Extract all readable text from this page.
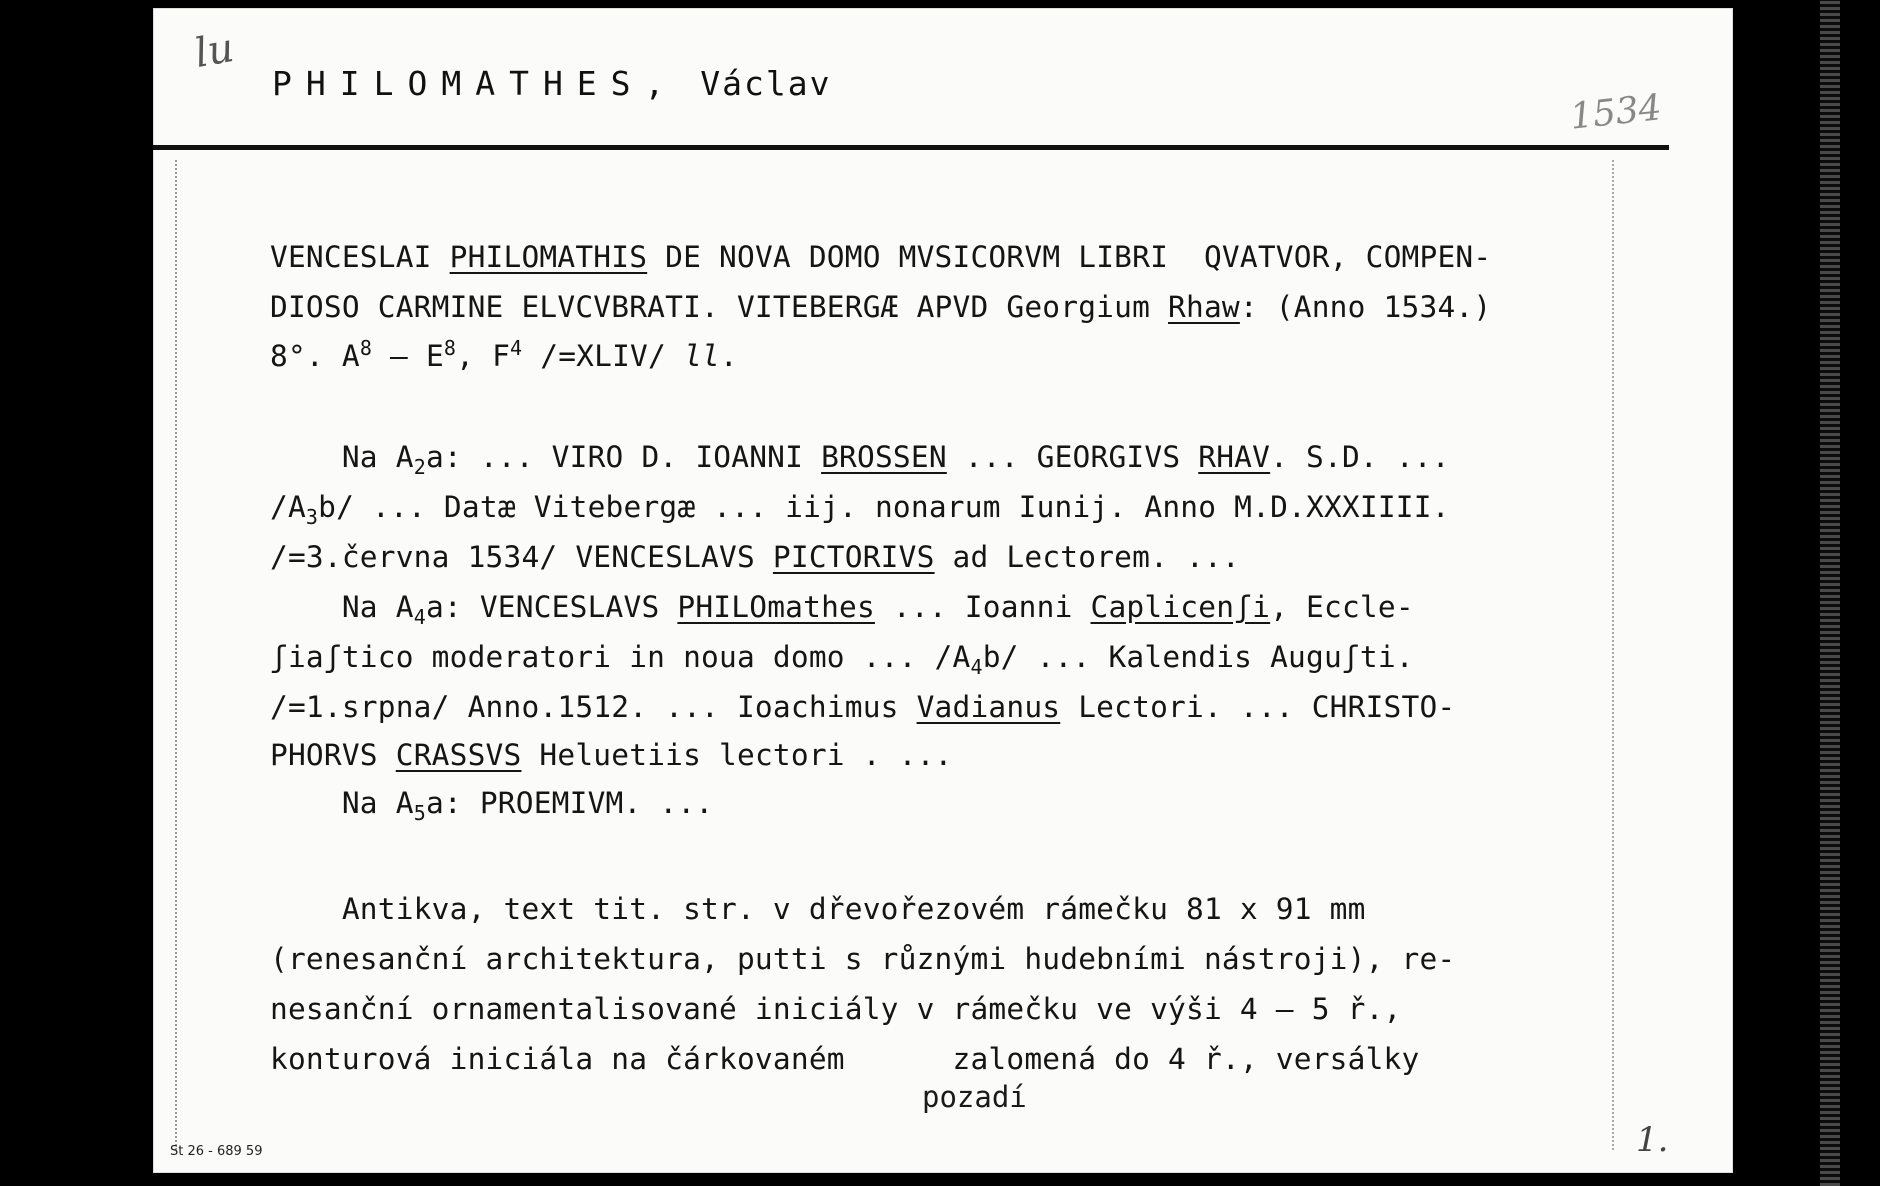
lu
1534
PHILOMATHES, Václav
VENCESLAI PHILOMATHIS DE NOVA DOMO MVSICORVM LIBRI  QVATVOR, COMPEN-
DIOSO CARMINE ELVCVBRATI. VITEBERGÆ APVD Georgium Rhaw: (Anno 1534.)
8°. $A^8 - E^8$, $F^4$ /=XLIV/ ll.
Na $A_2a$: ... VIRO D. IOANNI BROSSEN ... GEORGIVS RHAV. S.D. ...
$/A_3b/$ ... Datæ Vitebergæ ... iij. nonarum Iunij. Anno M.D.XXXIIII.
/=3.června 1534/ VENCESLAVS PICTORIVS ad Lectorem. ...
Na $A_4a$: VENCESLAVS PHILOmathes ... Ioanni Caplicenʃi, Eccle-
ʃiaʃtico moderatori in noua domo ... $/A_4b/$ ... Kalendis Auguʃti.
/=1.srpna/ Anno.1512. ... Ioachimus Vadianus Lectori. ... CHRISTO-
PHORVS CRASSVS Heluetiis lectori . ...
Na $A_5a$: PROEMIVM. ...
Antikva, text tit. str. v dřevořezovém rámečku 81 x 91 mm
(renesanční architektura, putti s různými hudebními nástroji), re-
nesanční ornamentalisované iniciály v rámečku ve výši 4 – 5 ř.,
konturová iniciála na čárkovaném      zalomená do 4 ř., versálky
pozadí
St 26 - 689 59	1.
